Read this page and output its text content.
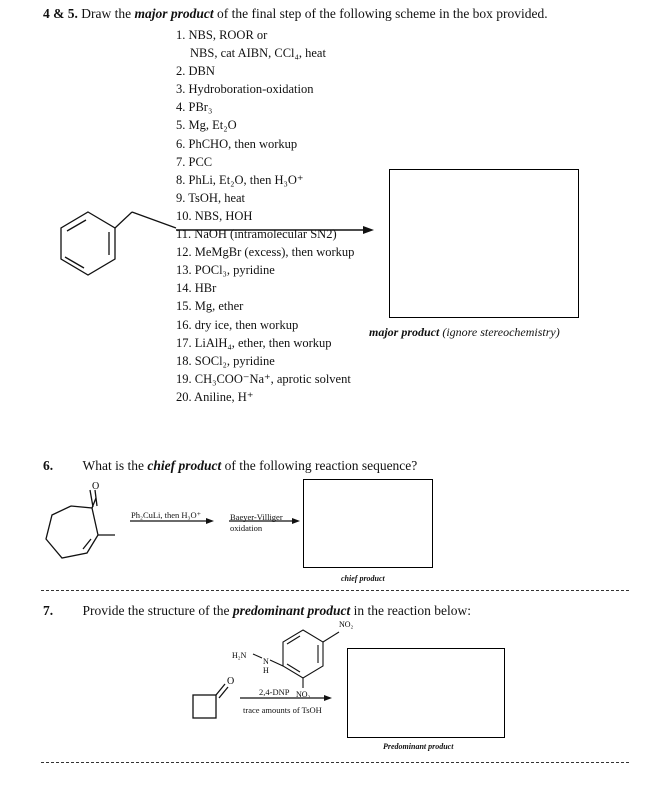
4 & 5. Draw the major product of the final step of the following scheme in the box provided.
1. NBS, ROOR or
NBS, cat AIBN, CCl₄, heat
2. DBN
3. Hydroboration-oxidation
4. PBr₃
5. Mg, Et₂O
6. PhCHO, then workup
7. PCC
8. PhLi, Et₂O, then H₃O⁺
9. TsOH, heat
10. NBS, HOH
11. NaOH (intramolecular SN2)
12. MeMgBr (excess), then workup
13. POCl₃, pyridine
14. HBr
15. Mg, ether
16. dry ice, then workup
17. LiAlH₄, ether, then workup
18. SOCl₂, pyridine
19. CH₃COO⁻Na⁺, aprotic solvent
20. Aniline, H⁺
major product (ignore stereochemistry)
6. What is the chief product of the following reaction sequence?
O
Ph₂CuLi, then H₃O⁺	Baeyer-Villiger
oxidation
chief product
7. Provide the structure of the predominant product in the reaction below:
H₂N
N
H
NO₂
NO₂
O
2,4-DNP
trace amounts of TsOH
Predominant product
